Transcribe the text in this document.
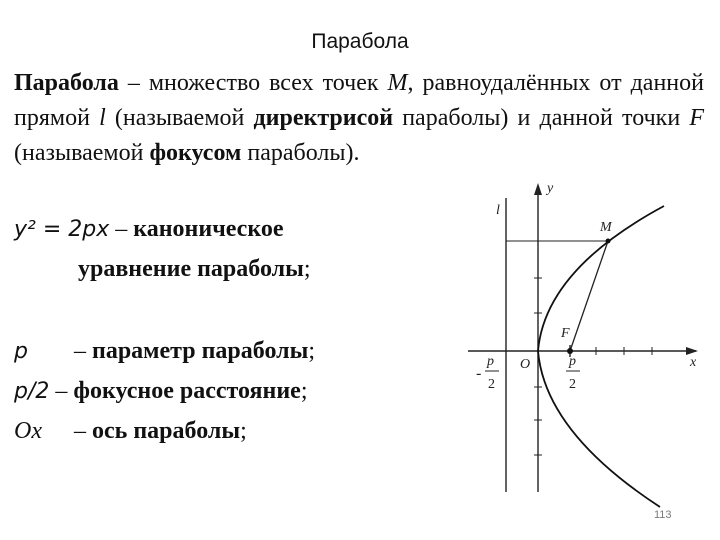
Парабола
Парабола – множество всех точек M, равноудалённых от данной прямой l (называемой директрисой параболы) и данной точки F (называемой фокусом параболы).
y² = 2px – каноническое
уравнение параболы;
p – параметр параболы;
p/2 – фокусное расстояние;
Ox – ось параболы;
y
x
l
M
F
O
-
p
2
p
2
113
